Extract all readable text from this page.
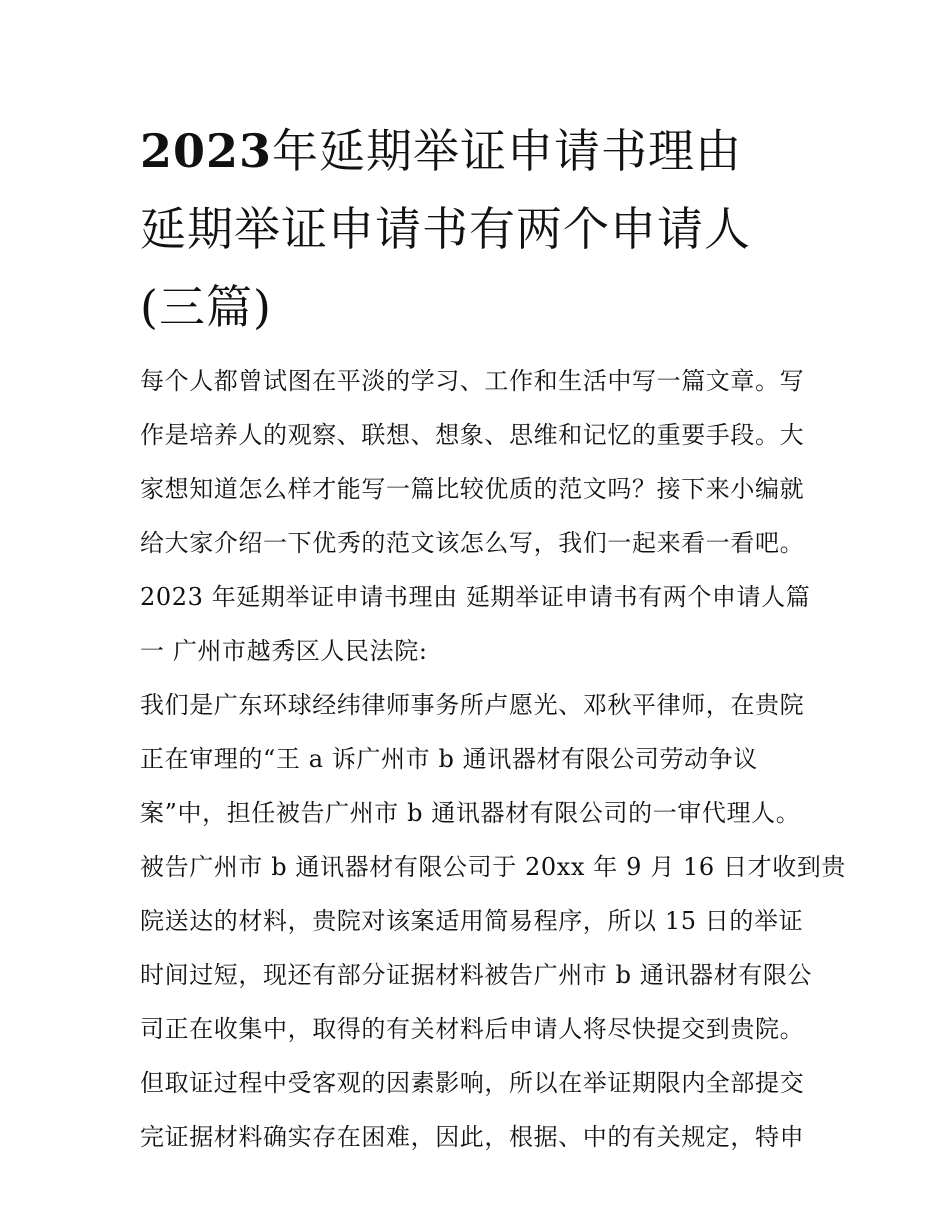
2023年延期举证申请书理由
延期举证申请书有两个申请人
(三篇)
每个人都曾试图在平淡的学习、工作和生活中写一篇文章。写
作是培养人的观察、联想、想象、思维和记忆的重要手段。大
家想知道怎么样才能写一篇比较优质的范文吗？接下来小编就
给大家介绍一下优秀的范文该怎么写，我们一起来看一看吧。
2023 年延期举证申请书理由 延期举证申请书有两个申请人篇
一 广州市越秀区人民法院:
我们是广东环球经纬律师事务所卢愿光、邓秋平律师，在贵院
正在审理的“王 a 诉广州市 b 通讯器材有限公司劳动争议
案”中，担任被告广州市 b 通讯器材有限公司的一审代理人。
被告广州市 b 通讯器材有限公司于 20xx 年 9 月 16 日才收到贵
院送达的材料，贵院对该案适用简易程序，所以 15 日的举证
时间过短，现还有部分证据材料被告广州市 b 通讯器材有限公
司正在收集中，取得的有关材料后申请人将尽快提交到贵院。
但取证过程中受客观的因素影响，所以在举证期限内全部提交
完证据材料确实存在困难，因此，根据、中的有关规定，特申
